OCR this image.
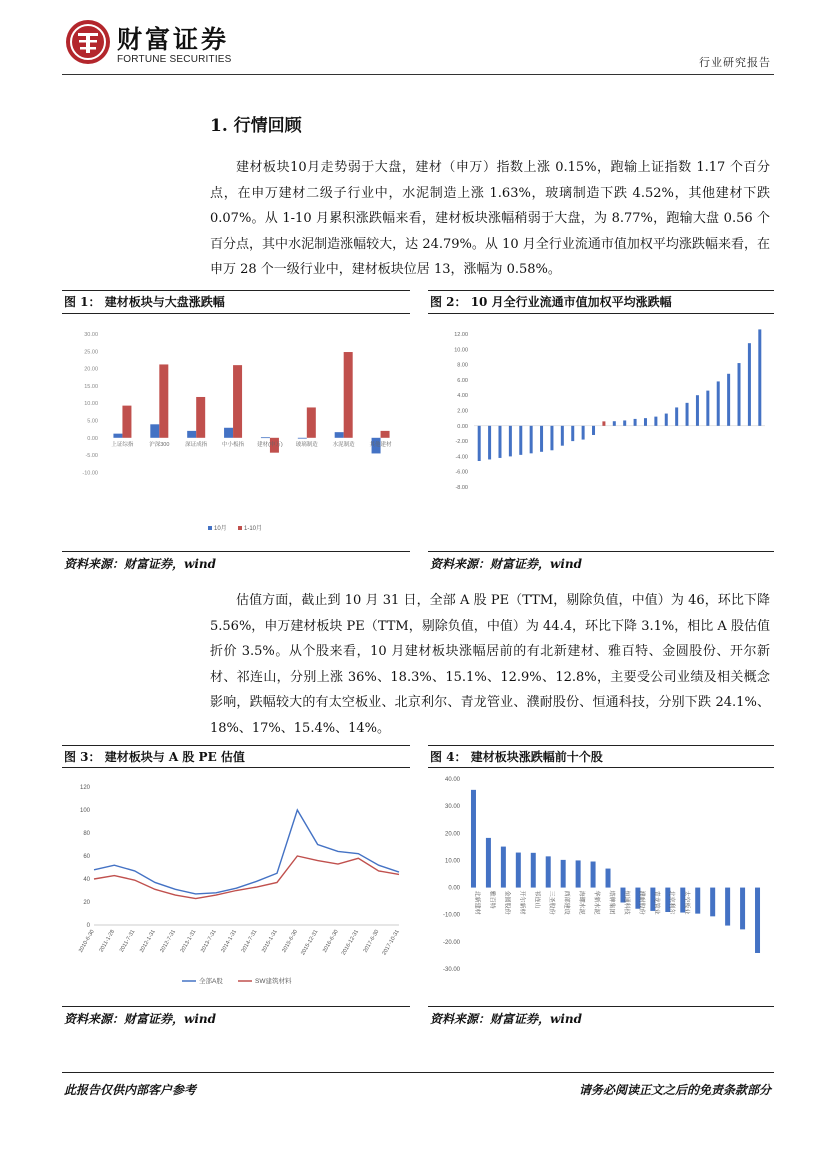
财富证券
FORTUNE SECURITIES	行业研究报告
1. 行情回顾

建材板块10月走势弱于大盘，建材（申万）指数上涨 0.15%，跑输上证指数 1.17 个百分点，在申万建材二级子行业中，水泥制造上涨 1.63%，玻璃制造下跌 4.52%，其他建材下跌 0.07%。从 1-10 月累积涨跌幅来看，建材板块涨幅稍弱于大盘，为 8.77%，跑输大盘 0.56 个百分点，其中水泥制造涨幅较大，达 24.79%。从 10 月全行业流通市值加权平均涨跌幅来看，在申万 28 个一级行业中，建材板块位居 13，涨幅为 0.58%。

图 1： 建材板块与大盘涨跌幅	图 2： 10 月全行业流通市值加权平均涨跌幅
30.00
25.00
20.00
15.00
10.00
5.00
0.00
-5.00
-10.00
上证综指	沪深300	深证成指	中小板指 建材(申万) 玻璃制造	水泥制造	其他建材
10月	1-10月
12.00
10.00
8.00
6.00
4.00
2.00
0.00
-2.00
-4.00
-6.00
-8.00
资料来源：财富证券，wind	资料来源：财富证券，wind

估值方面，截止到 10 月 31 日，全部 A 股 PE（TTM，剔除负值，中值）为 46，环比下降 5.56%，申万建材板块 PE（TTM，剔除负值，中值）为 44.4，环比下降 3.1%，相比 A 股估值折价 3.5%。从个股来看，10 月建材板块涨幅居前的有北新建材、雅百特、金圆股份、开尔新材、祁连山，分别上涨 36%、18.3%、15.1%、12.9%、12.8%，主要受公司业绩及相关概念影响，跌幅较大的有太空板业、北京利尔、青龙管业、濮耐股份、恒通科技，分别下跌 24.1%、18%、17%、15.4%、14%。

图 3： 建材板块与 A 股 PE 估值	图 4： 建材板块涨跌幅前十个股
120
100
80
60
40
20
0
2010-6-30 2011-1-28 2011-7-31 2012-1-31 2012-7-31 2013-1-31 2013-7-31 2014-1-31 2014-7-31 2015-1-31 2015-6-30 2015-12-31 2016-6-30 2016-12-31 2017-6-30 2017-10-31
全部A股	SW建筑材料
40.00
30.00
20.00
10.00
0.00
-10.00
-20.00
-30.00
北新建材	雅百特	金圆股份	开尔新材	祁连山	三圣股份	西部建设	海螺水泥	华新水泥	塔牌集团	恒通科技	濮耐股份	青龙管业	北京利尔	太空板业
资料来源：财富证券，wind	资料来源：财富证券，wind
此报告仅供内部客户参考	请务必阅读正文之后的免责条款部分
